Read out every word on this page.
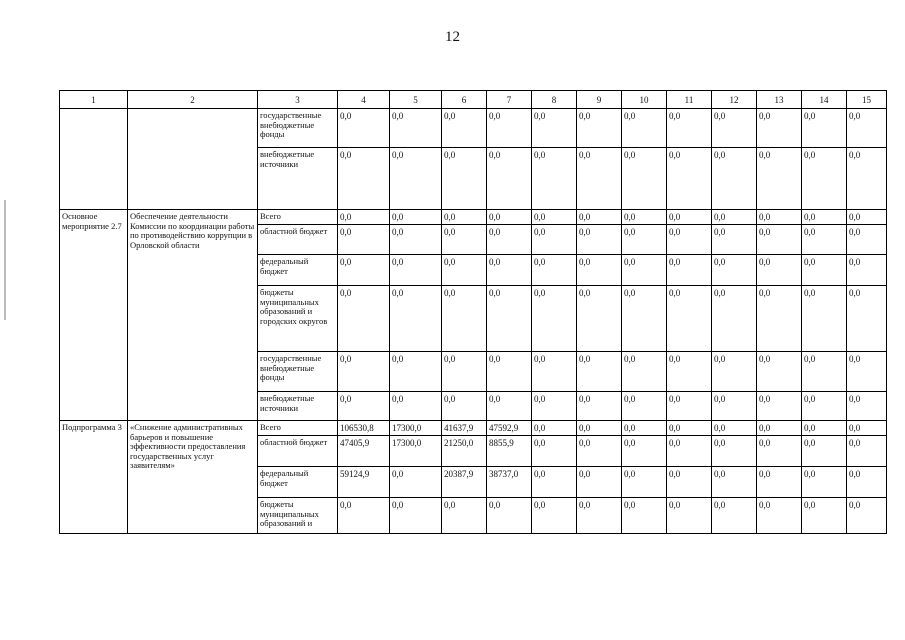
12
1	2	3	4	5	6	7	8	9	10	11	12	13	14	15
		государственные внебюджетные фонды	0,0	0,0	0,0	0,0	0,0	0,0	0,0	0,0	0,0	0,0	0,0	0,0
		внебюджетные источники	0,0	0,0	0,0	0,0	0,0	0,0	0,0	0,0	0,0	0,0	0,0	0,0
Основное мероприятие 2.7	Обеспечение деятельности Комиссии по координации работы по противодействию коррупции в Орловской области	Всего	0,0	0,0	0,0	0,0	0,0	0,0	0,0	0,0	0,0	0,0	0,0	0,0
		областной бюджет	0,0	0,0	0,0	0,0	0,0	0,0	0,0	0,0	0,0	0,0	0,0	0,0
		федеральный бюджет	0,0	0,0	0,0	0,0	0,0	0,0	0,0	0,0	0,0	0,0	0,0	0,0
		бюджеты муниципальных образований и городских округов	0,0	0,0	0,0	0,0	0,0	0,0	0,0	0,0	0,0	0,0	0,0	0,0
		государственные внебюджетные фонды	0,0	0,0	0,0	0,0	0,0	0,0	0,0	0,0	0,0	0,0	0,0	0,0
		внебюджетные источники	0,0	0,0	0,0	0,0	0,0	0,0	0,0	0,0	0,0	0,0	0,0	0,0
Подпрограмма 3	«Снижение административных барьеров и повышение эффективности предоставления государственных услуг заявителям»	Всего	106530,8	17300,0	41637,9	47592,9	0,0	0,0	0,0	0,0	0,0	0,0	0,0	0,0
		областной бюджет	47405,9	17300,0	21250,0	8855,9	0,0	0,0	0,0	0,0	0,0	0,0	0,0	0,0
		федеральный бюджет	59124,9	0,0	20387,9	38737,0	0,0	0,0	0,0	0,0	0,0	0,0	0,0	0,0
		бюджеты муниципальных образований и	0,0	0,0	0,0	0,0	0,0	0,0	0,0	0,0	0,0	0,0	0,0	0,0
